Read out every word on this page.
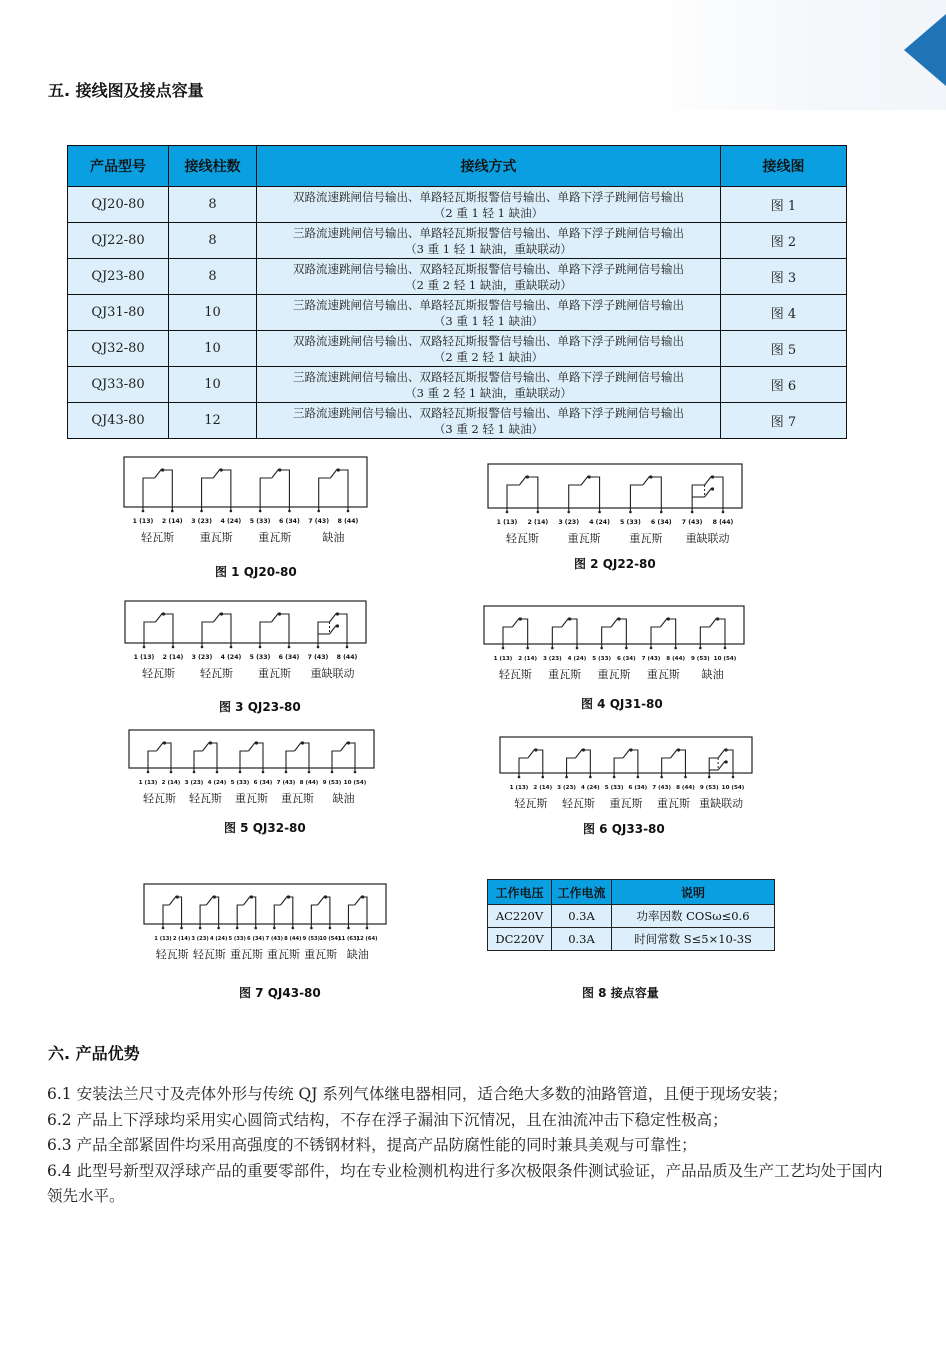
五. 接线图及接点容量
产品型号	接线柱数	接线方式	接线图
QJ20-80	8	双路流速跳闸信号输出、单路轻瓦斯报警信号输出、单路下浮子跳闸信号输出
（2 重 1 轻 1 缺油）	图 1
QJ22-80	8	三路流速跳闸信号输出、单路轻瓦斯报警信号输出、单路下浮子跳闸信号输出
（3 重 1 轻 1 缺油，重缺联动）	图 2
QJ23-80	8	双路流速跳闸信号输出、双路轻瓦斯报警信号输出、单路下浮子跳闸信号输出
（2 重 2 轻 1 缺油，重缺联动）	图 3
QJ31-80	10	三路流速跳闸信号输出、单路轻瓦斯报警信号输出、单路下浮子跳闸信号输出
（3 重 1 轻 1 缺油）	图 4
QJ32-80	10	双路流速跳闸信号输出、双路轻瓦斯报警信号输出、单路下浮子跳闸信号输出
（2 重 2 轻 1 缺油）	图 5
QJ33-80	10	三路流速跳闸信号输出、双路轻瓦斯报警信号输出、单路下浮子跳闸信号输出
（3 重 2 轻 1 缺油，重缺联动）	图 6
QJ43-80	12	三路流速跳闸信号输出、双路轻瓦斯报警信号输出、单路下浮子跳闸信号输出
（3 重 2 轻 1 缺油）	图 7
1 (13) 2 (14) 3 (23) 4 (24) 5 (33) 6 (34) 7 (43) 8 (44)
轻瓦斯 重瓦斯 重瓦斯	缺油
图 1 QJ20-80
1 (13) 2 (14) 3 (23) 4 (24) 5 (33) 6 (34) 7 (43) 8 (44)
轻瓦斯	重瓦斯	重瓦斯 重缺联动
图 2 QJ22-80
1 (13) 2 (14) 3 (23) 4 (24) 5 (33) 6 (34) 7 (43) 8 (44)
轻瓦斯 轻瓦斯 重瓦斯 重缺联动
图 3 QJ23-80
1 (13) 2 (14) 3 (23) 4 (24) 5 (33) 6 (34) 7 (43) 8 (44) 9 (53) 10 (54)
轻瓦斯 重瓦斯 重瓦斯 重瓦斯 缺油
图 4 QJ31-80
1 (13) 2 (14) 3 (23) 4 (24) 5 (33) 6 (34) 7 (43) 8 (44) 9 (53) 10 (54)
轻瓦斯 轻瓦斯 重瓦斯 重瓦斯 缺油
图 5 QJ32-80
1 (13) 2 (14) 3 (23) 4 (24) 5 (33) 6 (34) 7 (43) 8 (44) 9 (53) 10 (54)
轻瓦斯 轻瓦斯 重瓦斯 重瓦斯 重缺联动
图 6 QJ33-80
1 (13) 2 (14) 3 (23) 4 (24) 5 (33) 6 (34) 7 (43) 8 (44) 9 (53) 10 (54)
11 (63)
12 (64)
轻瓦斯 轻瓦斯 重瓦斯 重瓦斯 重瓦斯 缺油
图 7 QJ43-80
工作电压	工作电流	说明
AC220V	0.3A	功率因数 COSω≤0.6
DC220V	0.3A	时间常数 S≤5×10-3S
图 8 接点容量
六. 产品优势

6.1 安装法兰尺寸及壳体外形与传统 QJ 系列气体继电器相同，适合绝大多数的油路管道，且便于现场安装；

6.2 产品上下浮球均采用实心圆筒式结构，不存在浮子漏油下沉情况，且在油流冲击下稳定性极高；

6.3 产品全部紧固件均采用高强度的不锈钢材料，提高产品防腐性能的同时兼具美观与可靠性；

6.4 此型号新型双浮球产品的重要零部件，均在专业检测机构进行多次极限条件测试验证，产品品质及生产工艺均处于国内领先水平。
